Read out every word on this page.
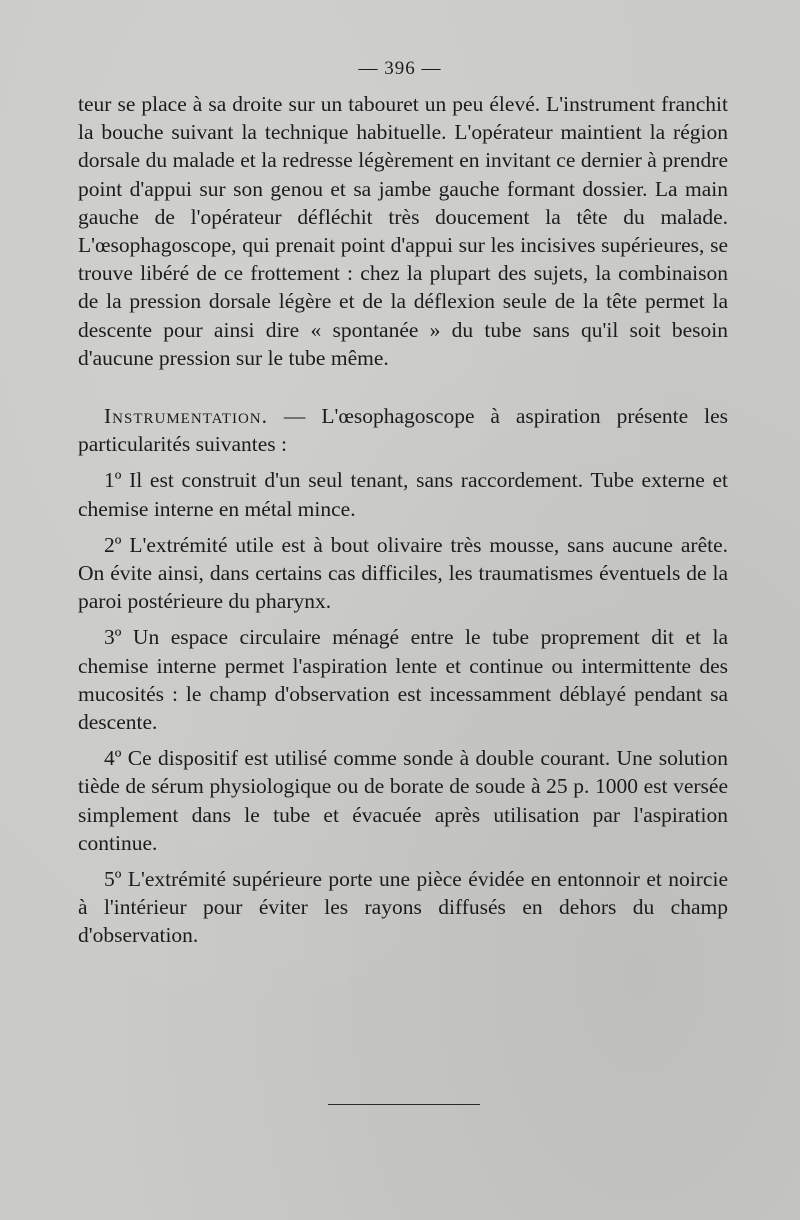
— 396 —

teur se place à sa droite sur un tabouret un peu élevé. L'instrument franchit la bouche suivant la technique habituelle. L'opérateur maintient la région dorsale du malade et la redresse légèrement en invitant ce dernier à prendre point d'appui sur son genou et sa jambe gauche formant dossier. La main gauche de l'opérateur défléchit très doucement la tête du malade. L'œsophagoscope, qui prenait point d'appui sur les incisives supérieures, se trouve libéré de ce frottement : chez la plupart des sujets, la combinaison de la pression dorsale légère et de la déflexion seule de la tête permet la descente pour ainsi dire « spontanée » du tube sans qu'il soit besoin d'aucune pression sur le tube même.

Instrumentation. — L'œsophagoscope à aspiration présente les particularités suivantes :

1º Il est construit d'un seul tenant, sans raccordement. Tube externe et chemise interne en métal mince.

2º L'extrémité utile est à bout olivaire très mousse, sans aucune arête. On évite ainsi, dans certains cas difficiles, les traumatismes éventuels de la paroi postérieure du pharynx.

3º Un espace circulaire ménagé entre le tube proprement dit et la chemise interne permet l'aspiration lente et continue ou intermittente des mucosités : le champ d'observation est incessamment déblayé pendant sa descente.

4º Ce dispositif est utilisé comme sonde à double courant. Une solution tiède de sérum physiologique ou de borate de soude à 25 p. 1000 est versée simplement dans le tube et évacuée après utilisation par l'aspiration continue.

5º L'extrémité supérieure porte une pièce évidée en entonnoir et noircie à l'intérieur pour éviter les rayons diffusés en dehors du champ d'observation.
